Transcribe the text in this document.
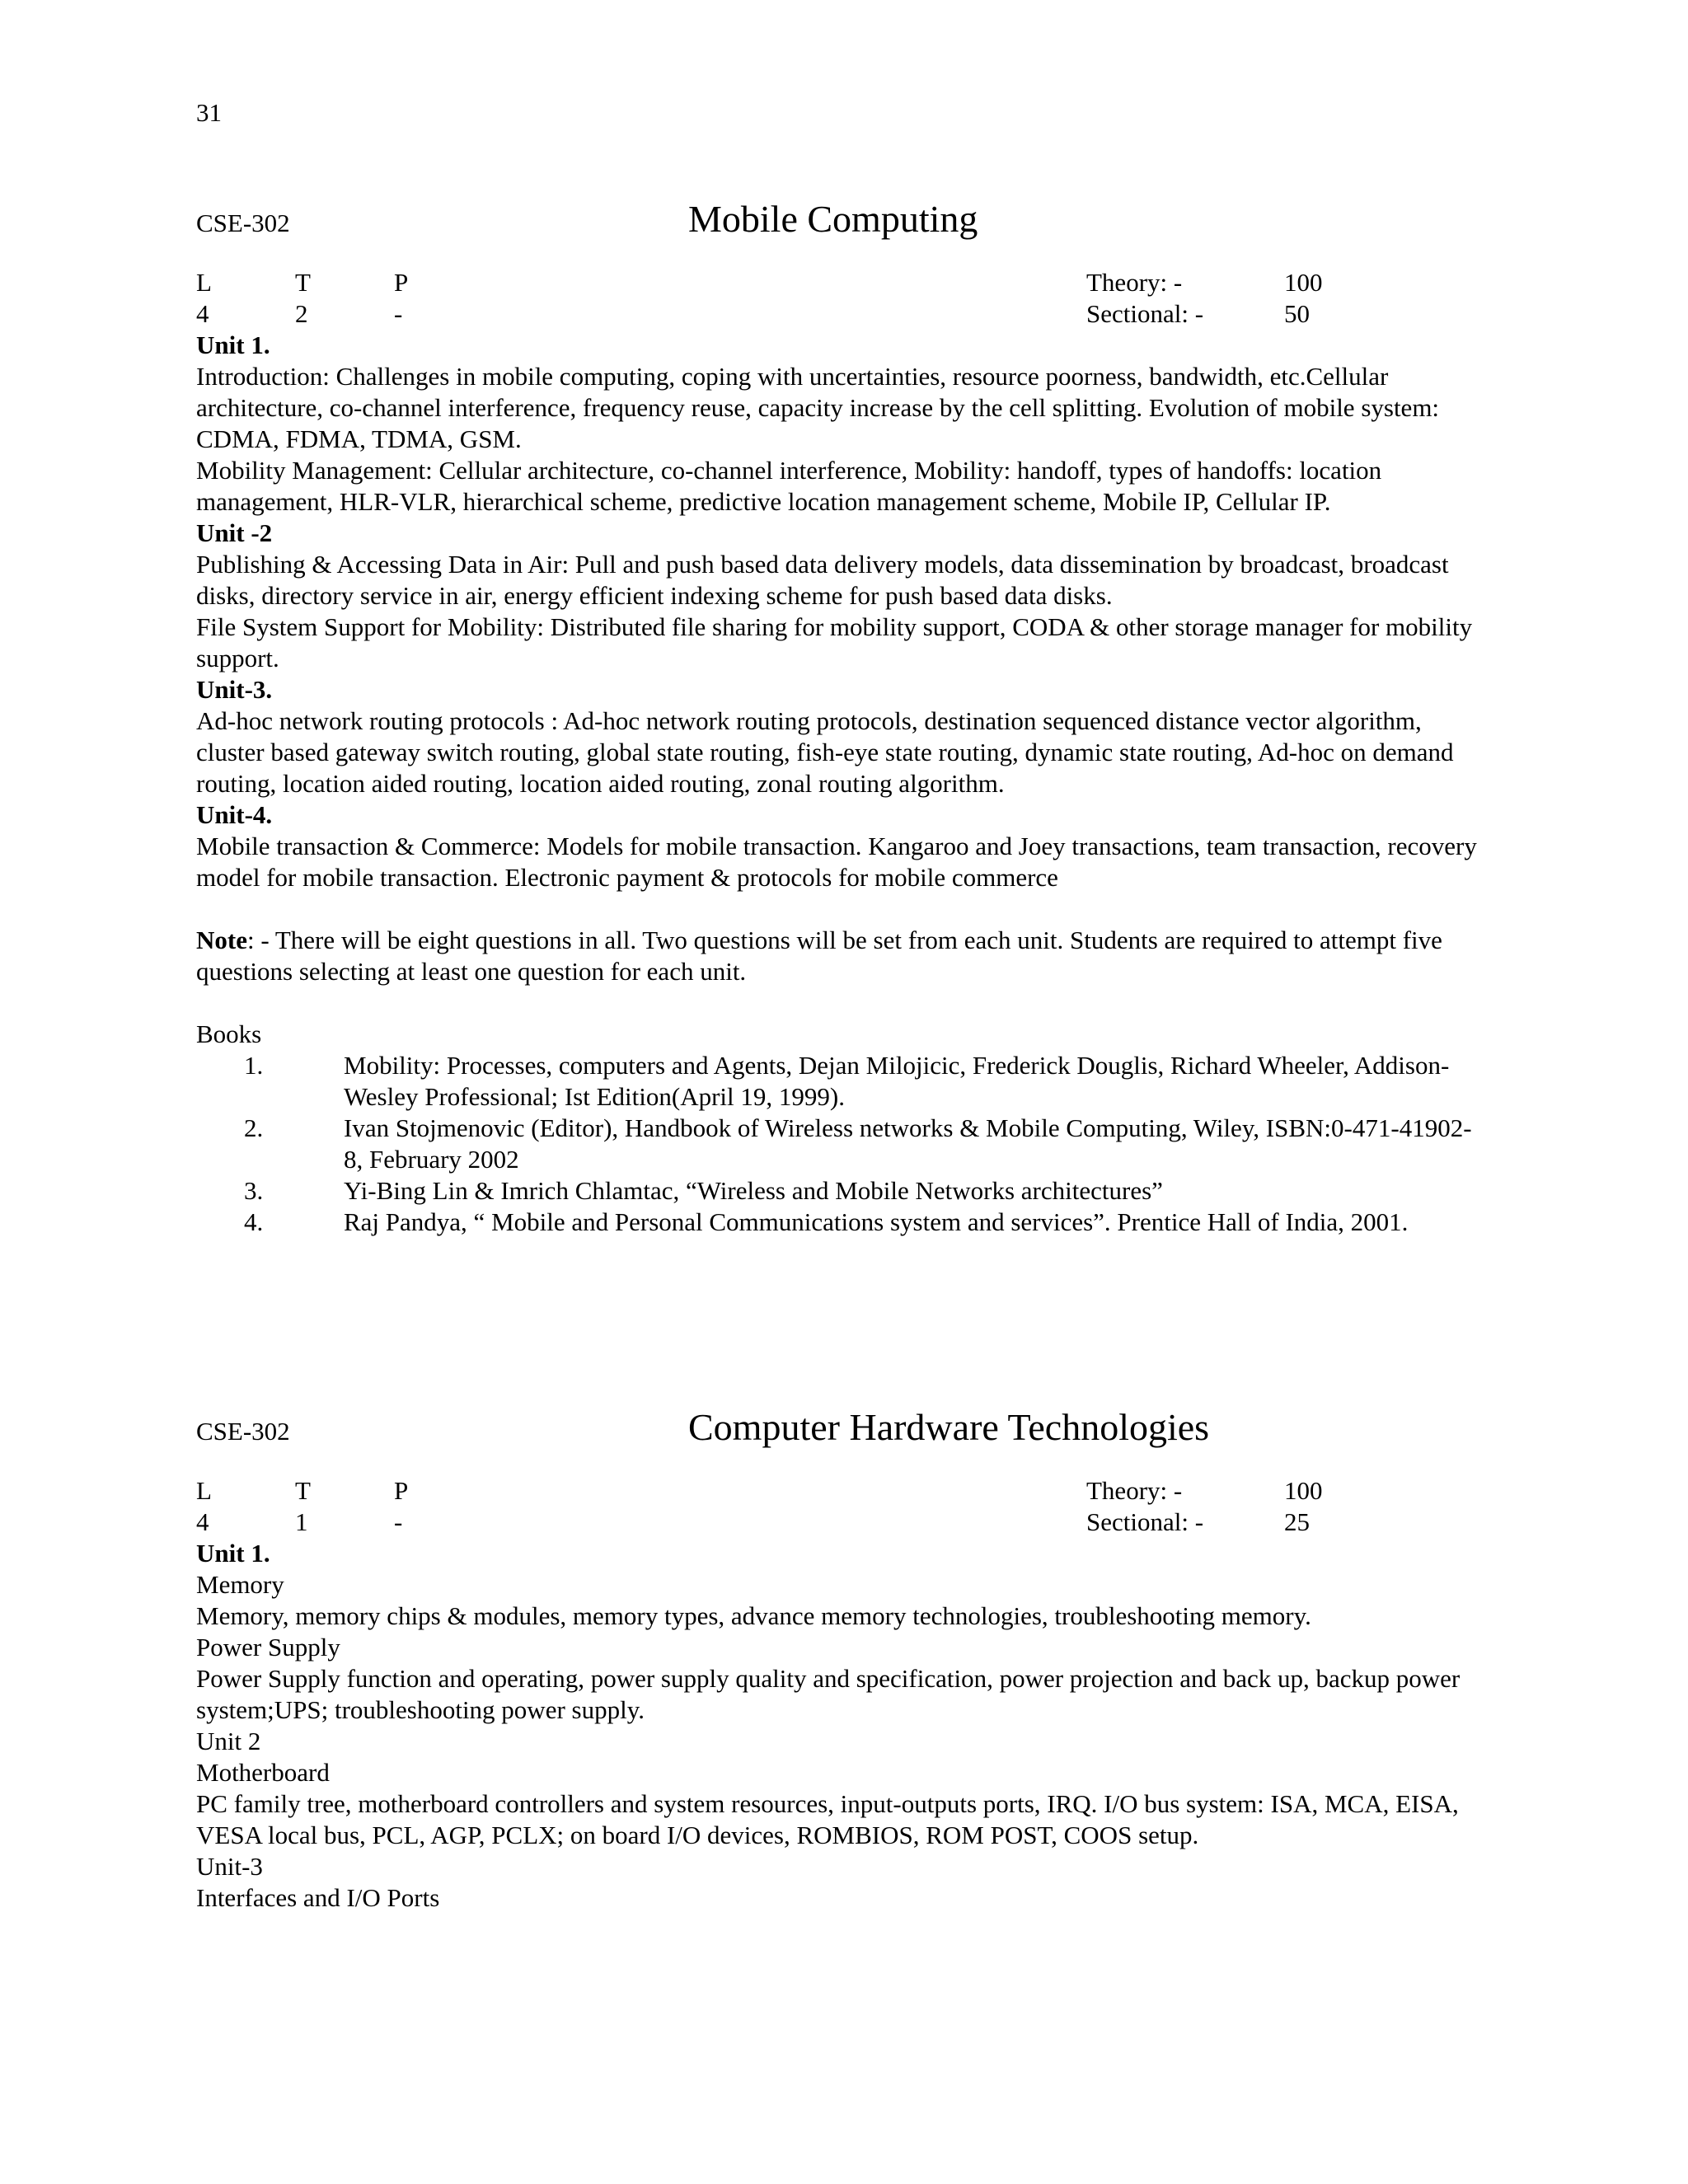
31
CSE-302	Mobile Computing
L	T	P	Theory: -	100
4	2	-	Sectional: -	50

Unit 1.

Introduction: Challenges in mobile computing, coping with uncertainties, resource poorness, bandwidth, etc.Cellular architecture, co-channel interference, frequency reuse, capacity increase by the cell splitting. Evolution of mobile system: CDMA, FDMA, TDMA, GSM.

Mobility Management: Cellular architecture, co-channel interference, Mobility: handoff, types of handoffs: location management, HLR-VLR, hierarchical scheme, predictive location management scheme, Mobile IP, Cellular IP.

Unit -2

Publishing & Accessing Data in Air: Pull and push based data delivery models, data dissemination by broadcast, broadcast disks, directory service in air, energy efficient indexing scheme for push based data disks.

File System Support for Mobility: Distributed file sharing for mobility support, CODA & other storage manager for mobility support.

Unit-3.

Ad-hoc network routing protocols : Ad-hoc network routing protocols, destination sequenced distance vector algorithm, cluster based gateway switch routing, global state routing, fish-eye state routing, dynamic state routing, Ad-hoc on demand routing, location aided routing, location aided routing, zonal routing algorithm.

Unit-4.

Mobile transaction & Commerce: Models for mobile transaction. Kangaroo and Joey transactions, team transaction, recovery model for mobile transaction. Electronic payment & protocols for mobile commerce

Note: - There will be eight questions in all. Two questions will be set from each unit. Students are required to attempt five questions selecting at least one question for each unit.

Books

1.	Mobility: Processes, computers and Agents, Dejan Milojicic, Frederick Douglis, Richard Wheeler, Addison-Wesley Professional; Ist Edition(April 19, 1999).
2.	Ivan Stojmenovic (Editor), Handbook of Wireless networks & Mobile Computing, Wiley, ISBN:0-471-41902-8, February 2002
3.	Yi-Bing Lin & Imrich Chlamtac, “Wireless and Mobile Networks architectures”
4.	Raj Pandya, “ Mobile and Personal Communications system and services”. Prentice Hall of India, 2001.
CSE-302	Computer Hardware Technologies
L	T	P	Theory: -	100
4	1	-	Sectional: -	25

Unit 1.

Memory

Memory, memory chips & modules, memory types, advance memory technologies, troubleshooting memory.

Power Supply

Power Supply function and operating, power supply quality and specification, power projection and back up, backup power system;UPS; troubleshooting power supply.

Unit 2

Motherboard

PC family tree, motherboard controllers and system resources, input-outputs ports, IRQ. I/O bus system: ISA, MCA, EISA, VESA local bus, PCL, AGP, PCLX; on board I/O devices, ROMBIOS, ROM POST, COOS setup.

Unit-3

Interfaces and I/O Ports
